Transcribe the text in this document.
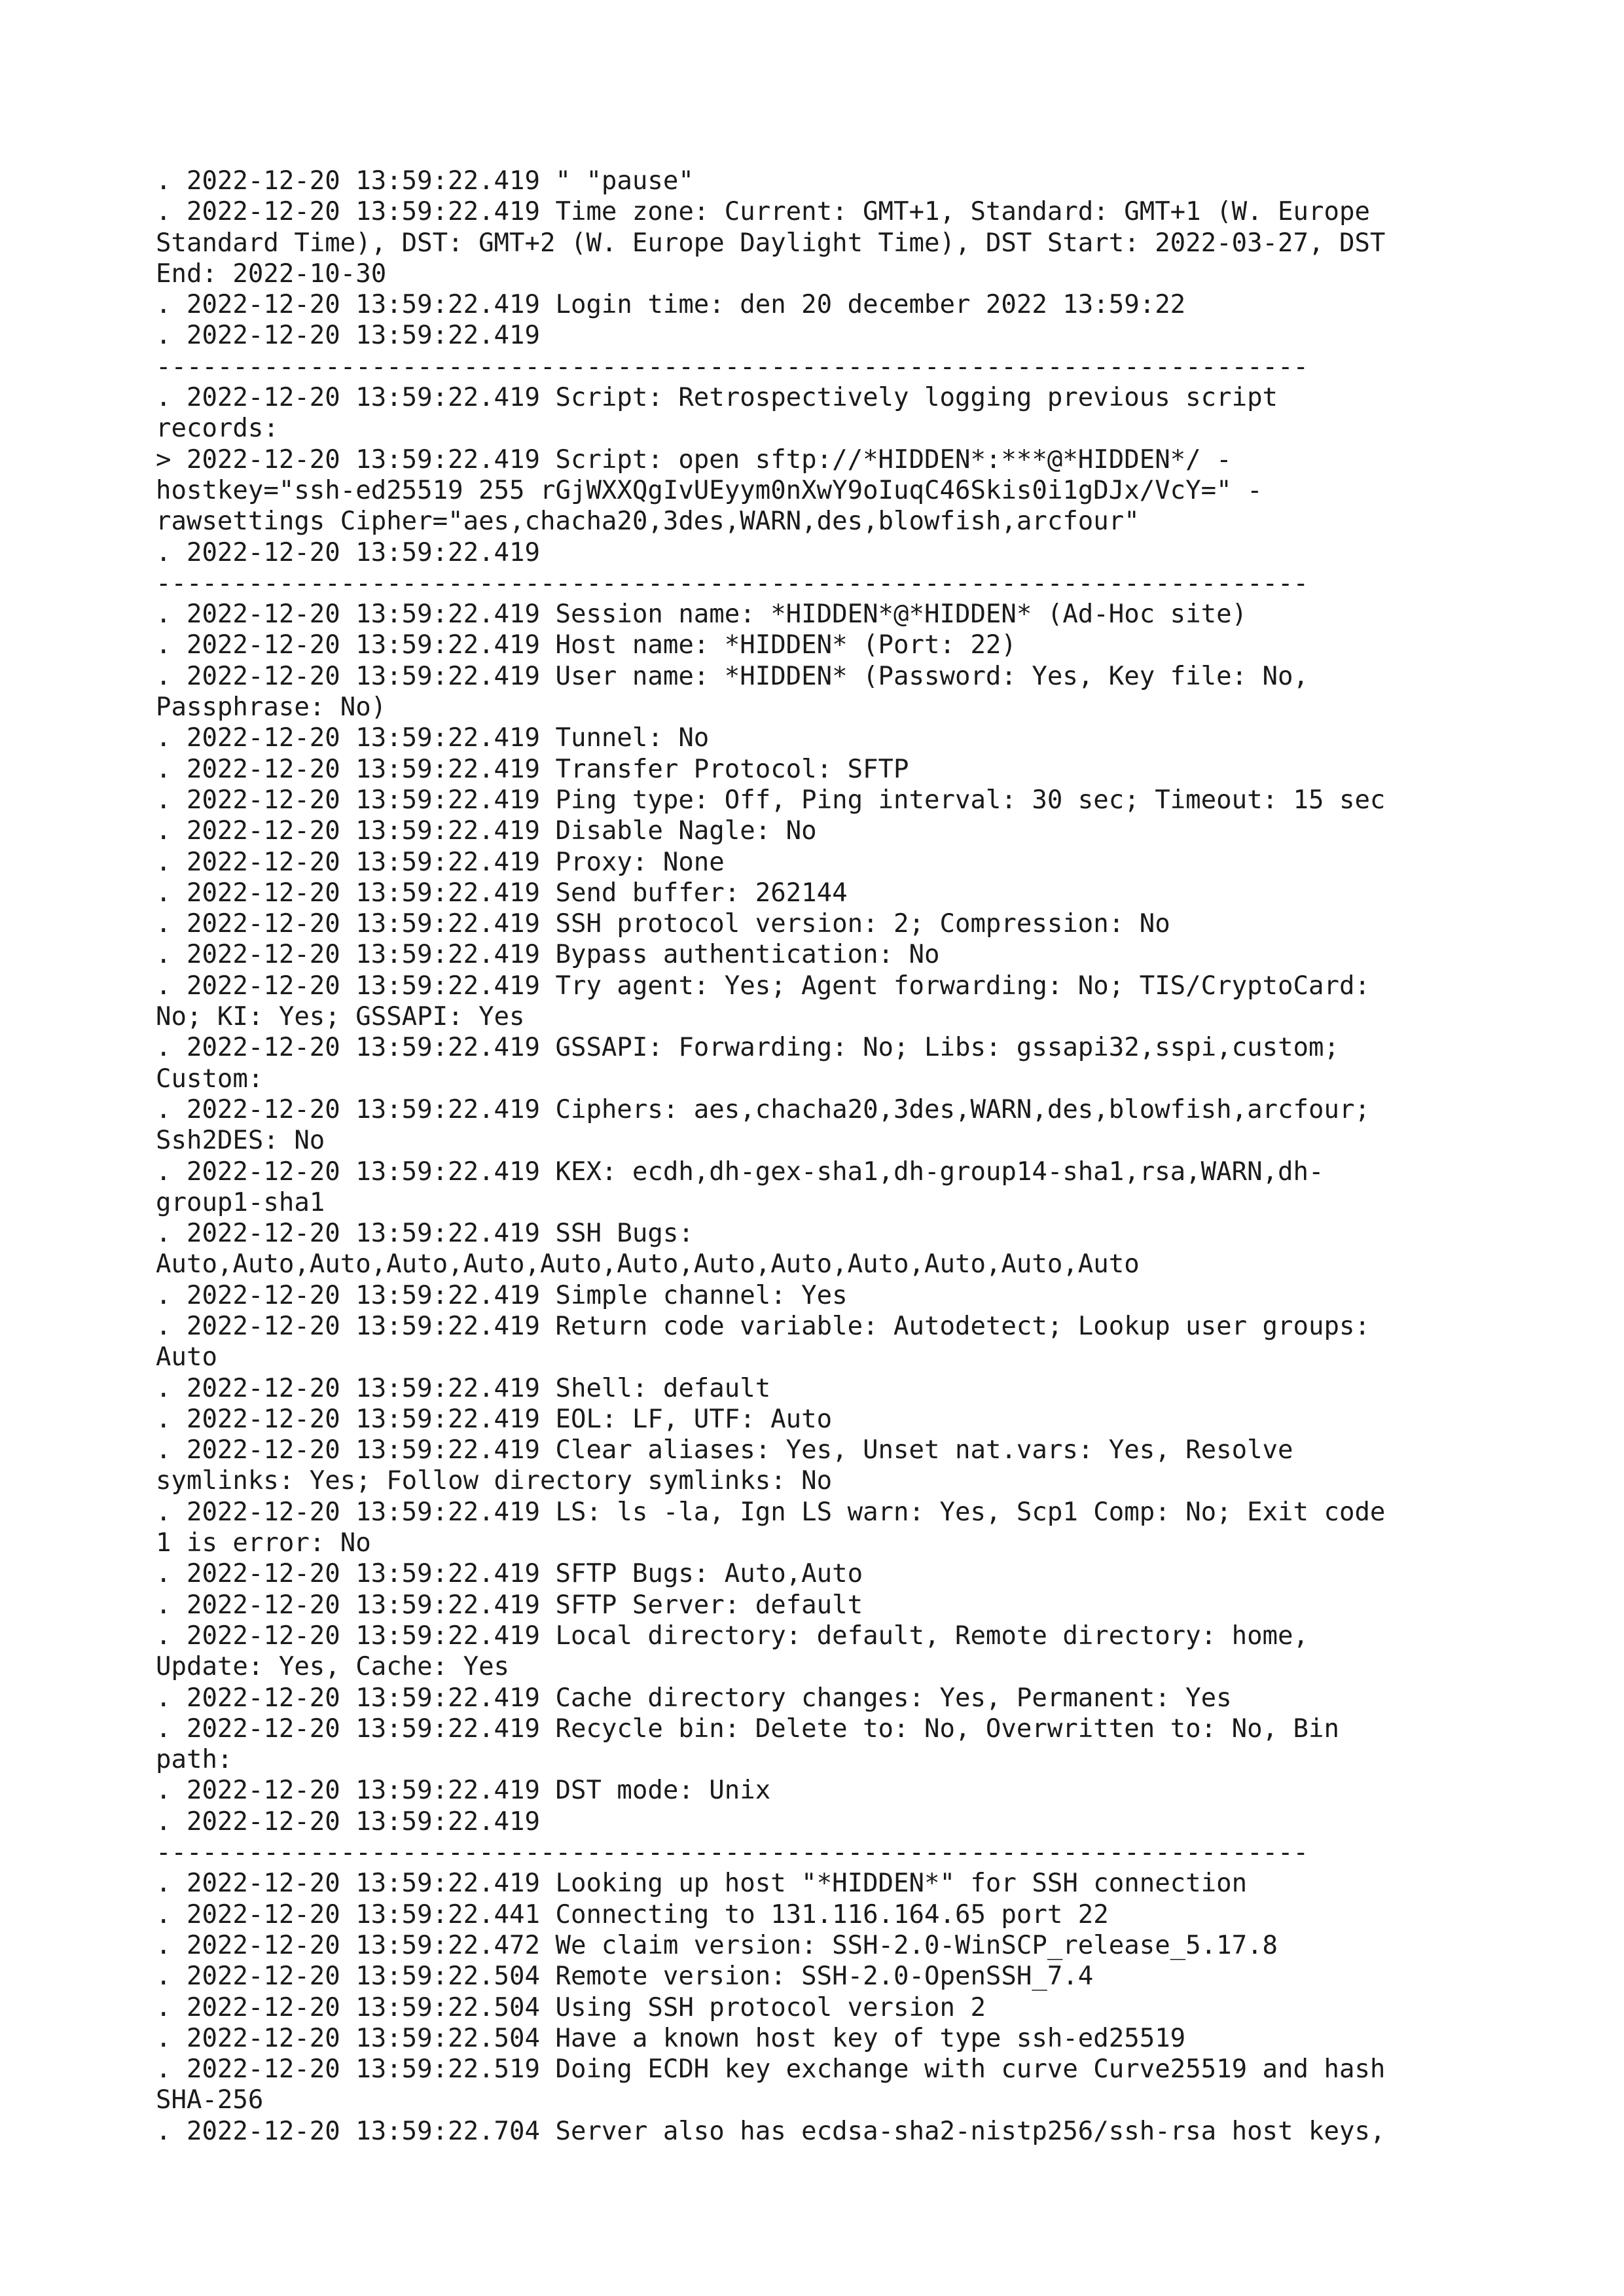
. 2022-12-20 13:59:22.419 " "pause"
. 2022-12-20 13:59:22.419 Time zone: Current: GMT+1, Standard: GMT+1 (W. Europe
Standard Time), DST: GMT+2 (W. Europe Daylight Time), DST Start: 2022-03-27, DST
End: 2022-10-30
. 2022-12-20 13:59:22.419 Login time: den 20 december 2022 13:59:22
. 2022-12-20 13:59:22.419
---------------------------------------------------------------------------
. 2022-12-20 13:59:22.419 Script: Retrospectively logging previous script
records:
> 2022-12-20 13:59:22.419 Script: open sftp://*HIDDEN*:***@*HIDDEN*/ -
hostkey="ssh-ed25519 255 rGjWXXQgIvUEyym0nXwY9oIuqC46Skis0i1gDJx/VcY=" -
rawsettings Cipher="aes,chacha20,3des,WARN,des,blowfish,arcfour"
. 2022-12-20 13:59:22.419
---------------------------------------------------------------------------
. 2022-12-20 13:59:22.419 Session name: *HIDDEN*@*HIDDEN* (Ad-Hoc site)
. 2022-12-20 13:59:22.419 Host name: *HIDDEN* (Port: 22)
. 2022-12-20 13:59:22.419 User name: *HIDDEN* (Password: Yes, Key file: No,
Passphrase: No)
. 2022-12-20 13:59:22.419 Tunnel: No
. 2022-12-20 13:59:22.419 Transfer Protocol: SFTP
. 2022-12-20 13:59:22.419 Ping type: Off, Ping interval: 30 sec; Timeout: 15 sec
. 2022-12-20 13:59:22.419 Disable Nagle: No
. 2022-12-20 13:59:22.419 Proxy: None
. 2022-12-20 13:59:22.419 Send buffer: 262144
. 2022-12-20 13:59:22.419 SSH protocol version: 2; Compression: No
. 2022-12-20 13:59:22.419 Bypass authentication: No
. 2022-12-20 13:59:22.419 Try agent: Yes; Agent forwarding: No; TIS/CryptoCard:
No; KI: Yes; GSSAPI: Yes
. 2022-12-20 13:59:22.419 GSSAPI: Forwarding: No; Libs: gssapi32,sspi,custom;
Custom:
. 2022-12-20 13:59:22.419 Ciphers: aes,chacha20,3des,WARN,des,blowfish,arcfour;
Ssh2DES: No
. 2022-12-20 13:59:22.419 KEX: ecdh,dh-gex-sha1,dh-group14-sha1,rsa,WARN,dh-
group1-sha1
. 2022-12-20 13:59:22.419 SSH Bugs:
Auto,Auto,Auto,Auto,Auto,Auto,Auto,Auto,Auto,Auto,Auto,Auto,Auto
. 2022-12-20 13:59:22.419 Simple channel: Yes
. 2022-12-20 13:59:22.419 Return code variable: Autodetect; Lookup user groups:
Auto
. 2022-12-20 13:59:22.419 Shell: default
. 2022-12-20 13:59:22.419 EOL: LF, UTF: Auto
. 2022-12-20 13:59:22.419 Clear aliases: Yes, Unset nat.vars: Yes, Resolve
symlinks: Yes; Follow directory symlinks: No
. 2022-12-20 13:59:22.419 LS: ls -la, Ign LS warn: Yes, Scp1 Comp: No; Exit code
1 is error: No
. 2022-12-20 13:59:22.419 SFTP Bugs: Auto,Auto
. 2022-12-20 13:59:22.419 SFTP Server: default
. 2022-12-20 13:59:22.419 Local directory: default, Remote directory: home,
Update: Yes, Cache: Yes
. 2022-12-20 13:59:22.419 Cache directory changes: Yes, Permanent: Yes
. 2022-12-20 13:59:22.419 Recycle bin: Delete to: No, Overwritten to: No, Bin
path:
. 2022-12-20 13:59:22.419 DST mode: Unix
. 2022-12-20 13:59:22.419
---------------------------------------------------------------------------
. 2022-12-20 13:59:22.419 Looking up host "*HIDDEN*" for SSH connection
. 2022-12-20 13:59:22.441 Connecting to 131.116.164.65 port 22
. 2022-12-20 13:59:22.472 We claim version: SSH-2.0-WinSCP_release_5.17.8
. 2022-12-20 13:59:22.504 Remote version: SSH-2.0-OpenSSH_7.4
. 2022-12-20 13:59:22.504 Using SSH protocol version 2
. 2022-12-20 13:59:22.504 Have a known host key of type ssh-ed25519
. 2022-12-20 13:59:22.519 Doing ECDH key exchange with curve Curve25519 and hash
SHA-256
. 2022-12-20 13:59:22.704 Server also has ecdsa-sha2-nistp256/ssh-rsa host keys,
